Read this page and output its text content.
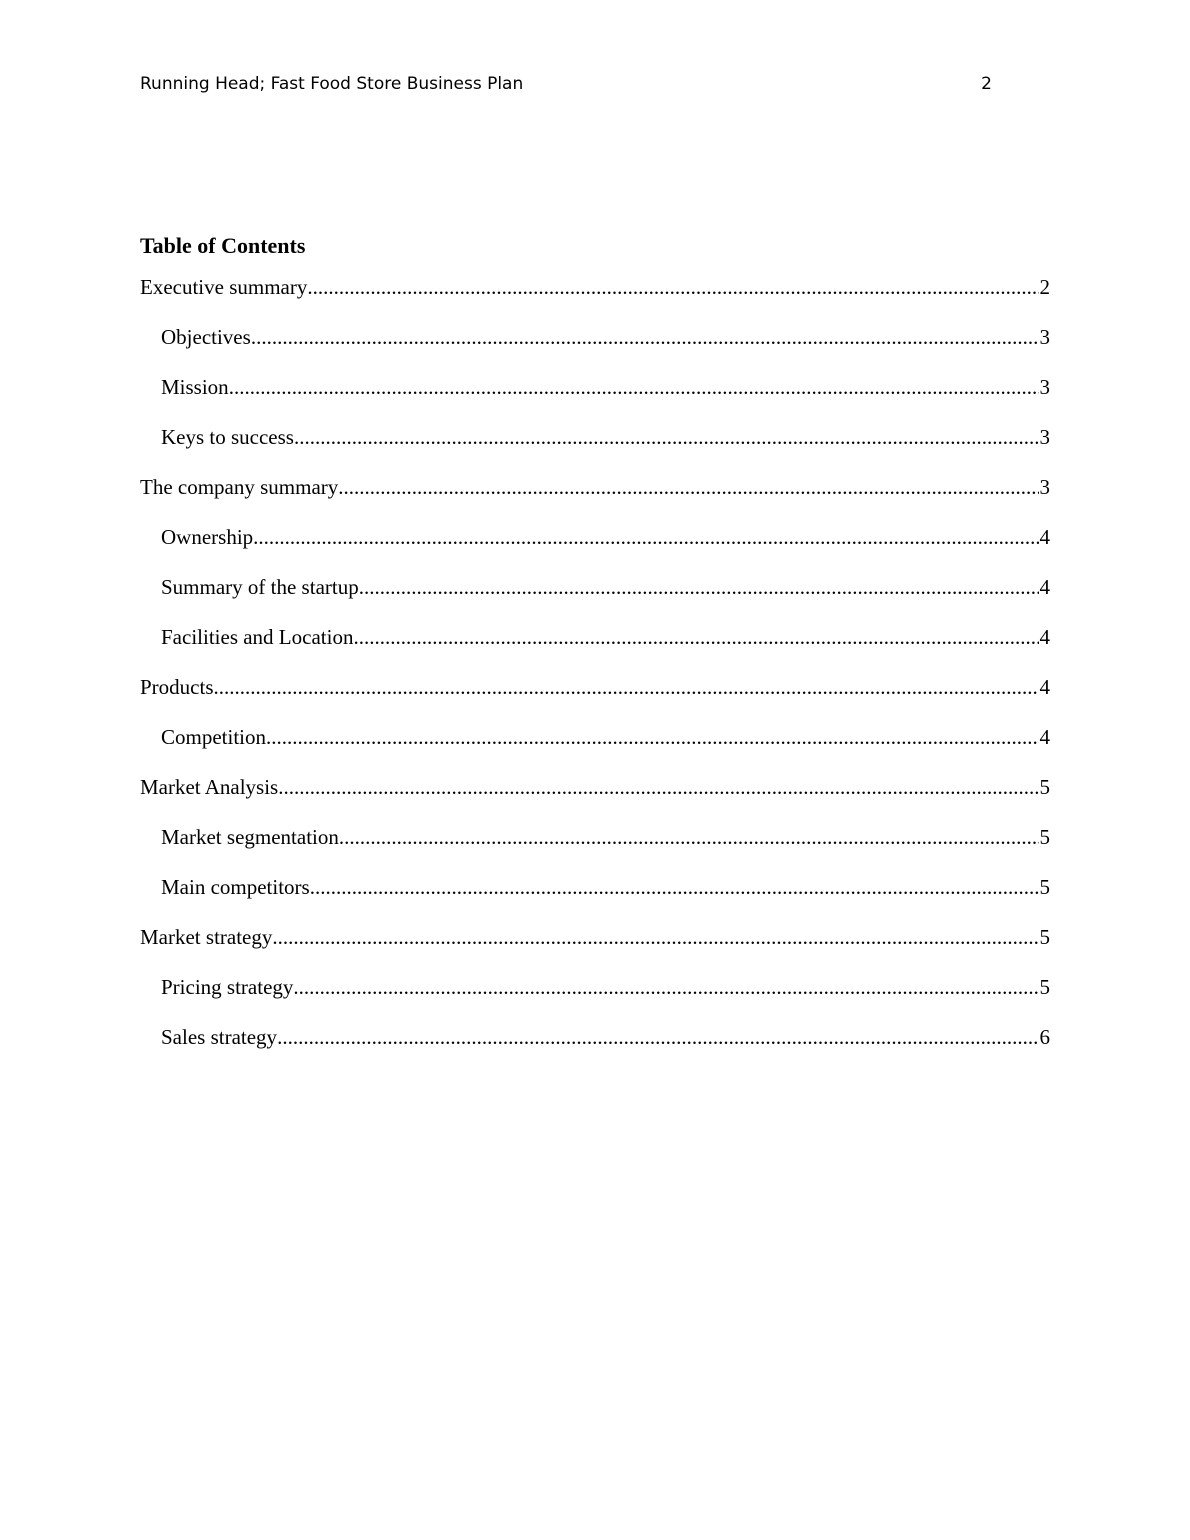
Running Head; Fast Food Store Business Plan	2
Table of Contents
Executive summary .....	2
Objectives .....	3
Mission .....	3
Keys to success .....	3
The company summary .....	3
Ownership .....	4
Summary of the startup .....	4
Facilities and Location .....	4
Products .....	4
Competition .....	4
Market Analysis .....	5
Market segmentation .....	5
Main competitors .....	5
Market strategy .....	5
Pricing strategy .....	5
Sales strategy .....	6
